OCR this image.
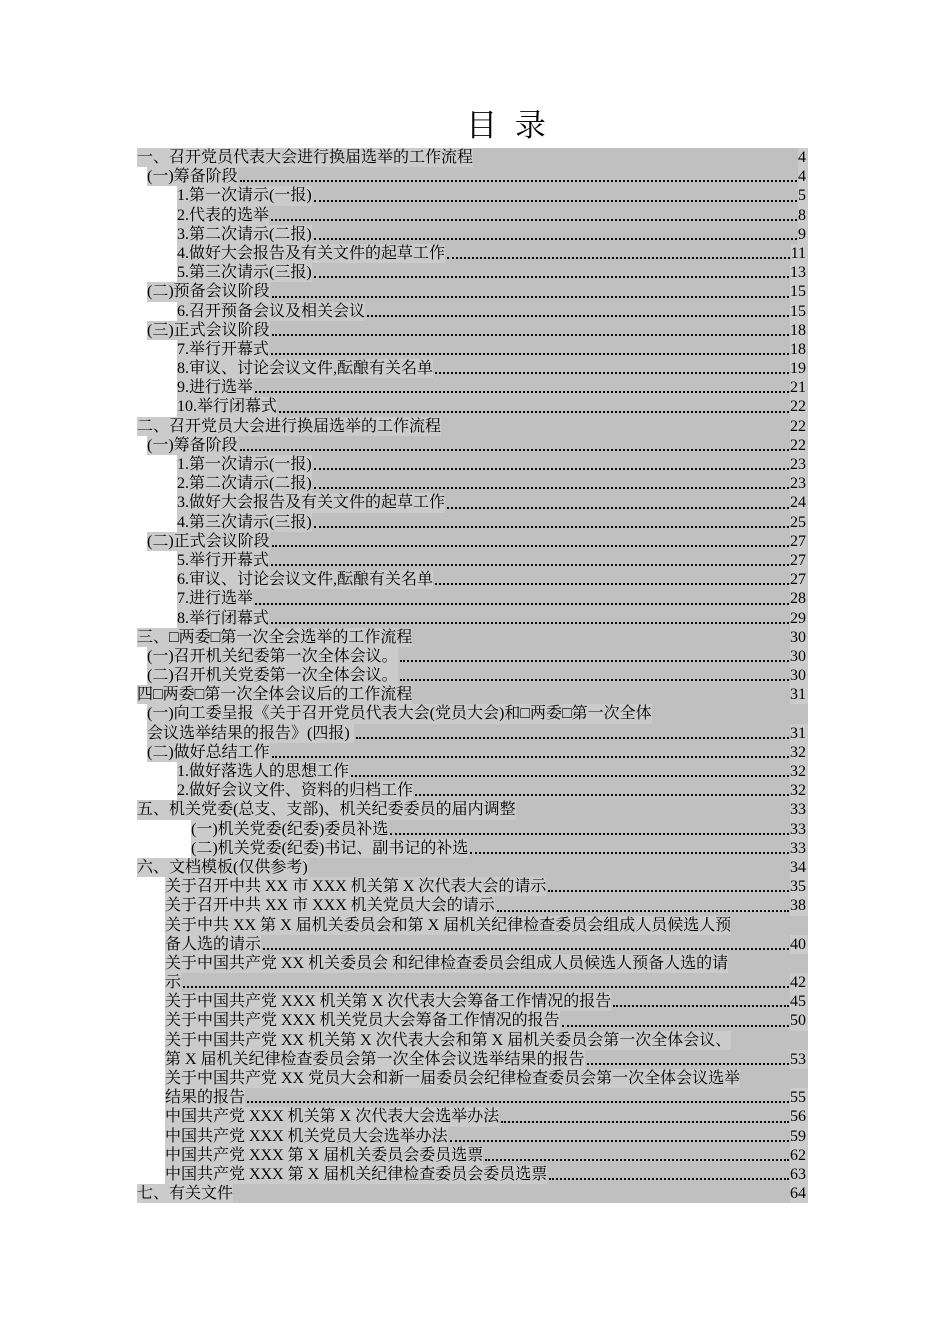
目 录
一、召开党员代表大会进行换届选举的工作流程	4
(一)筹备阶段	4
1.第一次请示(一报)	5
2.代表的选举	8
3.第二次请示(二报)	9
4.做好大会报告及有关文件的起草工作	11
5.第三次请示(三报)	13
(二)预备会议阶段	15
6.召开预备会议及相关会议	15
(三)正式会议阶段	18
7.举行开幕式	18
8.审议、讨论会议文件,酝酿有关名单	19
9.进行选举	21
10.举行闭幕式	22
二、召开党员大会进行换届选举的工作流程	22
(一)筹备阶段	22
1.第一次请示(一报)	23
2.第二次请示(二报)	23
3.做好大会报告及有关文件的起草工作	24
4.第三次请示(三报)	25
(二)正式会议阶段	27
5.举行开幕式	27
6.审议、讨论会议文件,酝酿有关名单	27
7.进行选举	28
8.举行闭幕式	29
三、□两委□第一次全会选举的工作流程	30
(一)召开机关纪委第一次全体会议。	30
(二)召开机关党委第一次全体会议。	30
四□两委□第一次全体会议后的工作流程	31
(一)向工委呈报《关于召开党员代表大会(党员大会)和□两委□第一次全体
会议选举结果的报告》(四报)	31
(二)做好总结工作	32
1.做好落选人的思想工作	32
2.做好会议文件、资料的归档工作	32
五、机关党委(总支、支部)、机关纪委委员的届内调整	33
(一)机关党委(纪委)委员补选	33
(二)机关党委(纪委)书记、副书记的补选	33
六、文档模板(仅供参考)	34
关于召开中共 XX 市 XXX 机关第 X 次代表大会的请示	35
关于召开中共 XX 市 XXX 机关党员大会的请示	38
关于中共 XX 第 X 届机关委员会和第 X 届机关纪律检查委员会组成人员候选人预
备人选的请示	40
关于中国共产党 XX 机关委员会 和纪律检查委员会组成人员候选人预备人选的请
示	42
关于中国共产党 XXX 机关第 X 次代表大会筹备工作情况的报告	45
关于中国共产党 XXX 机关党员大会筹备工作情况的报告	50
关于中国共产党 XX 机关第 X 次代表大会和第 X 届机关委员会第一次全体会议、
第 X 届机关纪律检查委员会第一次全体会议选举结果的报告	53
关于中国共产党 XX 党员大会和新一届委员会纪律检查委员会第一次全体会议选举
结果的报告	55
中国共产党 XXX 机关第 X 次代表大会选举办法	56
中国共产党 XXX 机关党员大会选举办法	59
中国共产党 XXX 第 X 届机关委员会委员选票	62
中国共产党 XXX 第 X 届机关纪律检查委员会委员选票	63
七、有关文件	64
